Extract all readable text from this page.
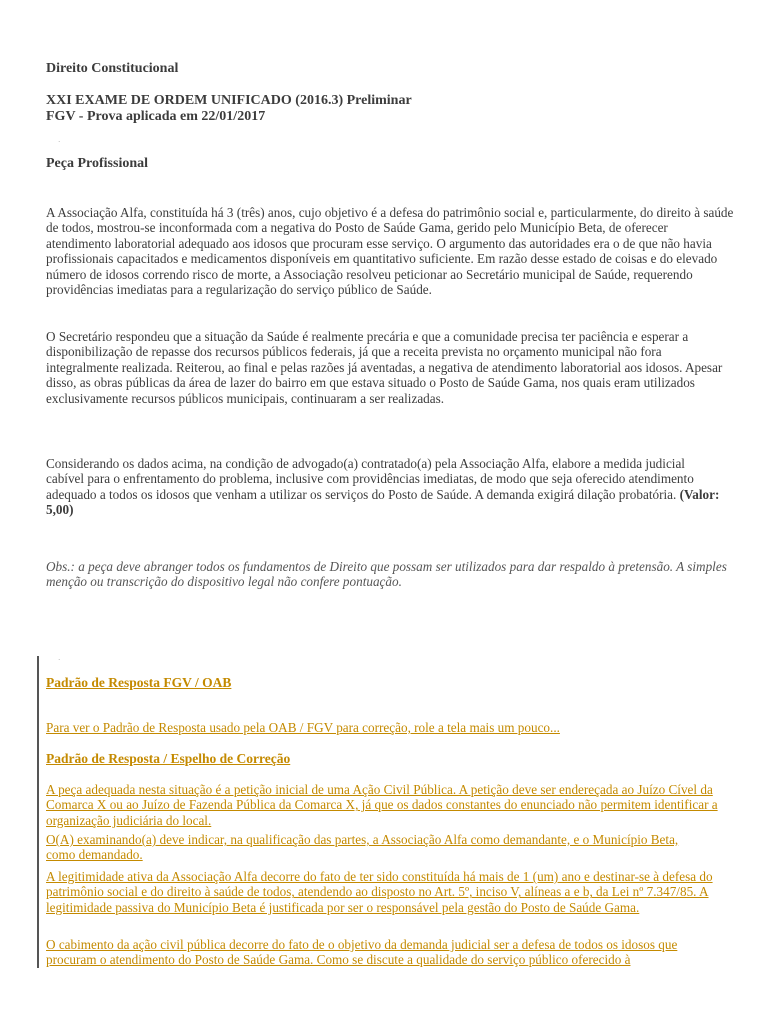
Direito Constitucional
XXI EXAME DE ORDEM UNIFICADO (2016.3) Preliminar
FGV - Prova aplicada em 22/01/2017
·
Peça Profissional

A Associação Alfa, constituída há 3 (três) anos, cujo objetivo é a defesa do patrimônio social e, particularmente, do direito à saúde de todos, mostrou-se inconformada com a negativa do Posto de Saúde Gama, gerido pelo Município Beta, de oferecer atendimento laboratorial adequado aos idosos que procuram esse serviço. O argumento das autoridades era o de que não havia profissionais capacitados e medicamentos disponíveis em quantitativo suficiente. Em razão desse estado de coisas e do elevado número de idosos correndo risco de morte, a Associação resolveu peticionar ao Secretário municipal de Saúde, requerendo providências imediatas para a regularização do serviço público de Saúde.

O Secretário respondeu que a situação da Saúde é realmente precária e que a comunidade precisa ter paciência e esperar a disponibilização de repasse dos recursos públicos federais, já que a receita prevista no orçamento municipal não fora integralmente realizada. Reiterou, ao final e pelas razões já aventadas, a negativa de atendimento laboratorial aos idosos. Apesar disso, as obras públicas da área de lazer do bairro em que estava situado o Posto de Saúde Gama, nos quais eram utilizados exclusivamente recursos públicos municipais, continuaram a ser realizadas.

Considerando os dados acima, na condição de advogado(a) contratado(a) pela Associação Alfa, elabore a medida judicial cabível para o enfrentamento do problema, inclusive com providências imediatas, de modo que seja oferecido atendimento adequado a todos os idosos que venham a utilizar os serviços do Posto de Saúde. A demanda exigirá dilação probatória. (Valor: 5,00)

Obs.: a peça deve abranger todos os fundamentos de Direito que possam ser utilizados para dar respaldo à pretensão. A simples menção ou transcrição do dispositivo legal não confere pontuação.

·
Padrão de Resposta FGV / OAB
Para ver o Padrão de Resposta usado pela OAB / FGV para correção, role a tela mais um pouco...
Padrão de Resposta / Espelho de Correção
A peça adequada nesta situação é a petição inicial de uma Ação Civil Pública. A petição deve ser endereçada ao Juízo Cível da Comarca X ou ao Juízo de Fazenda Pública da Comarca X, já que os dados constantes do enunciado não permitem identificar a organização judiciária do local.
O(A) examinando(a) deve indicar, na qualificação das partes, a Associação Alfa como demandante, e o Município Beta, como demandado.
A legitimidade ativa da Associação Alfa decorre do fato de ter sido constituída há mais de 1 (um) ano e destinar-se à defesa do patrimônio social e do direito à saúde de todos, atendendo ao disposto no Art. 5º, inciso V, alíneas a e b, da Lei nº 7.347/85. A legitimidade passiva do Município Beta é justificada por ser o responsável pela gestão do Posto de Saúde Gama.
O cabimento da ação civil pública decorre do fato de o objetivo da demanda judicial ser a defesa de todos os idosos que procuram o atendimento do Posto de Saúde Gama. Como se discute a qualidade do serviço público oferecido à
